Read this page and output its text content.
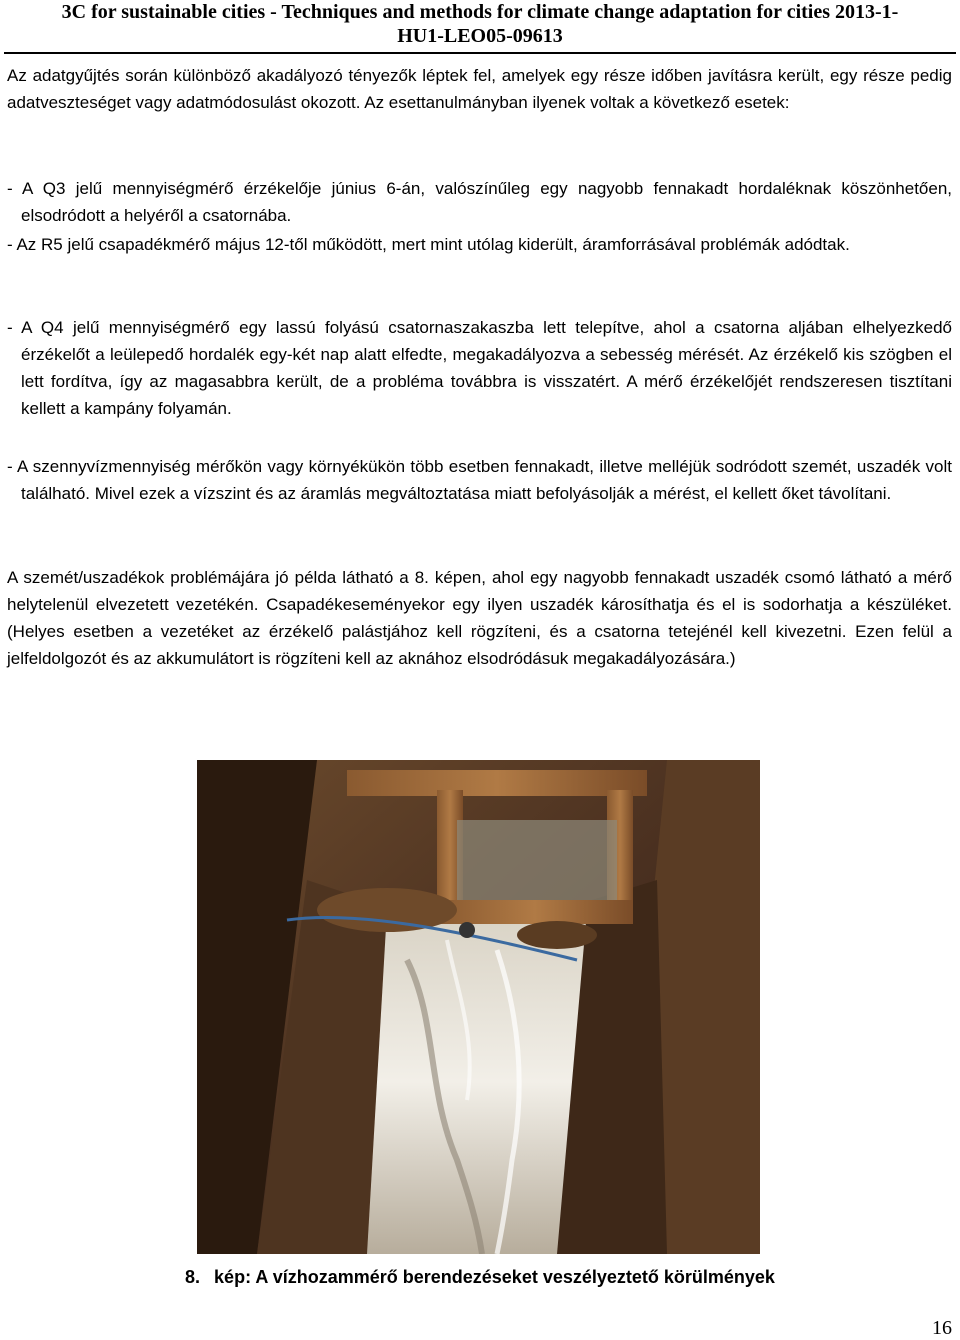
3C for sustainable cities - Techniques and methods for climate change adaptation for cities 2013-1-
HU1-LEO05-09613
Az adatgyűjtés során különböző akadályozó tényezők léptek fel, amelyek egy része időben javításra került, egy része pedig adatveszteséget vagy adatmódosulást okozott. Az esettanulmányban ilyenek voltak a következő esetek:
- A Q3 jelű mennyiségmérő érzékelője június 6-án, valószínűleg egy nagyobb fennakadt hordaléknak köszönhetően, elsodródott a helyéről a csatornába.
- Az R5 jelű csapadékmérő május 12-től működött, mert mint utólag kiderült, áramforrásával problémák adódtak.
- A Q4 jelű mennyiségmérő egy lassú folyású csatornaszakaszba lett telepítve, ahol a csatorna aljában elhelyezkedő érzékelőt a leülepedő hordalék egy-két nap alatt elfedte, megakadályozva a sebesség mérését. Az érzékelő kis szögben el lett fordítva, így az magasabbra került, de a probléma továbbra is visszatért. A mérő érzékelőjét rendszeresen tisztítani kellett a kampány folyamán.
- A szennyvízmennyiség mérőkön vagy környékükön több esetben fennakadt, illetve melléjük sodródott szemét, uszadék volt található. Mivel ezek a vízszint és az áramlás megváltoztatása miatt befolyásolják a mérést, el kellett őket távolítani.
A szemét/uszadékok problémájára jó példa látható a 8. képen, ahol egy nagyobb fennakadt uszadék csomó látható a mérő helytelenül elvezetett vezetékén. Csapadékeseményekor egy ilyen uszadék károsíthatja és el is sodorhatja a készüléket. (Helyes esetben a vezetéket az érzékelő palástjához kell rögzíteni, és a csatorna tetejénél kell kivezetni. Ezen felül a jelfeldolgozót és az akkumulátort is rögzíteni kell az aknához elsodródásuk megakadályozására.)
8. kép: A vízhozammérő berendezéseket veszélyeztető körülmények
16
